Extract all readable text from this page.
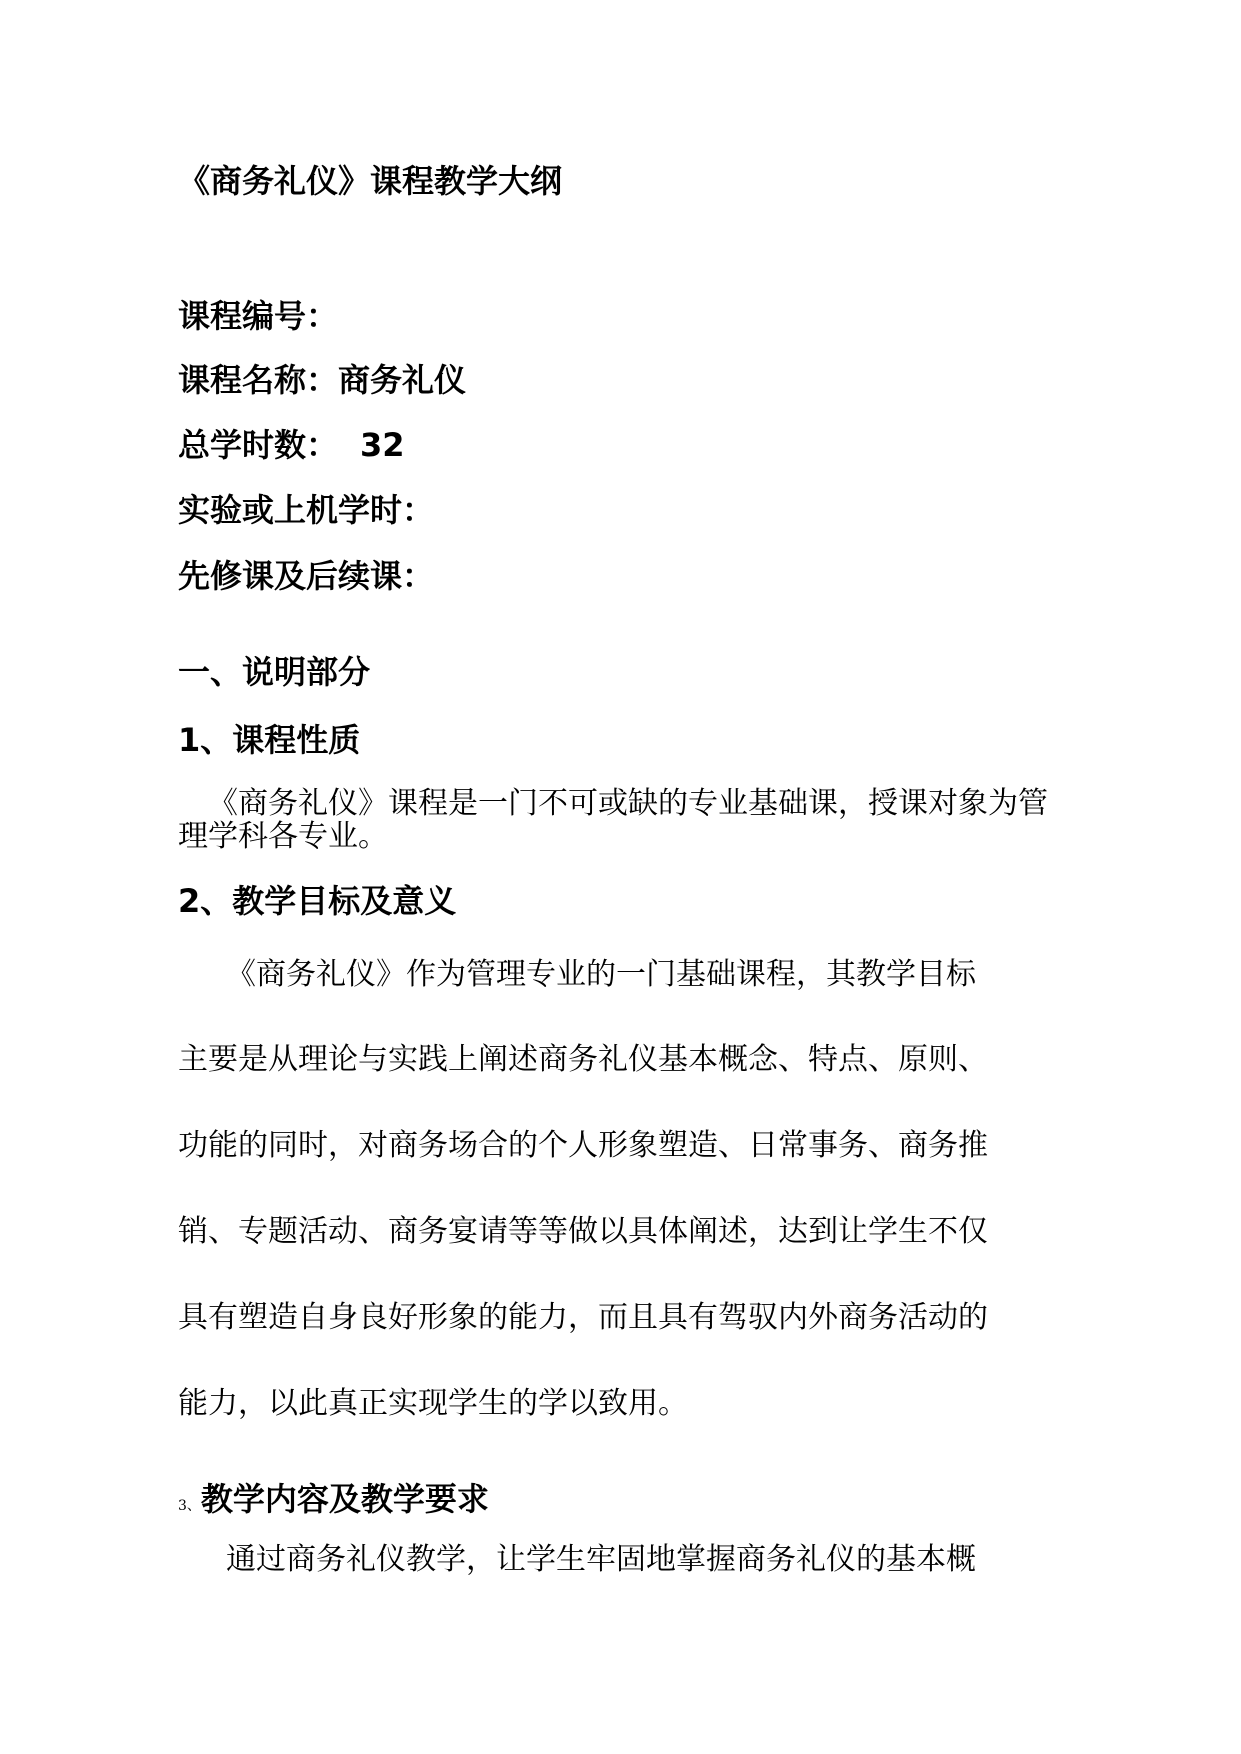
《商务礼仪》课程教学大纲
课程编号：
课程名称：商务礼仪
总学时数： 32
实验或上机学时：
先修课及后续课：
一、说明部分
1、课程性质
《商务礼仪》课程是一门不可或缺的专业基础课，授课对象为管理学科各专业。
2、教学目标及意义
《商务礼仪》作为管理专业的一门基础课程，其教学目标
主要是从理论与实践上阐述商务礼仪基本概念、特点、原则、
功能的同时，对商务场合的个人形象塑造、日常事务、商务推
销、专题活动、商务宴请等等做以具体阐述，达到让学生不仅
具有塑造自身良好形象的能力，而且具有驾驭内外商务活动的
能力，以此真正实现学生的学以致用。
3、教学内容及教学要求
通过商务礼仪教学，让学生牢固地掌握商务礼仪的基本概
